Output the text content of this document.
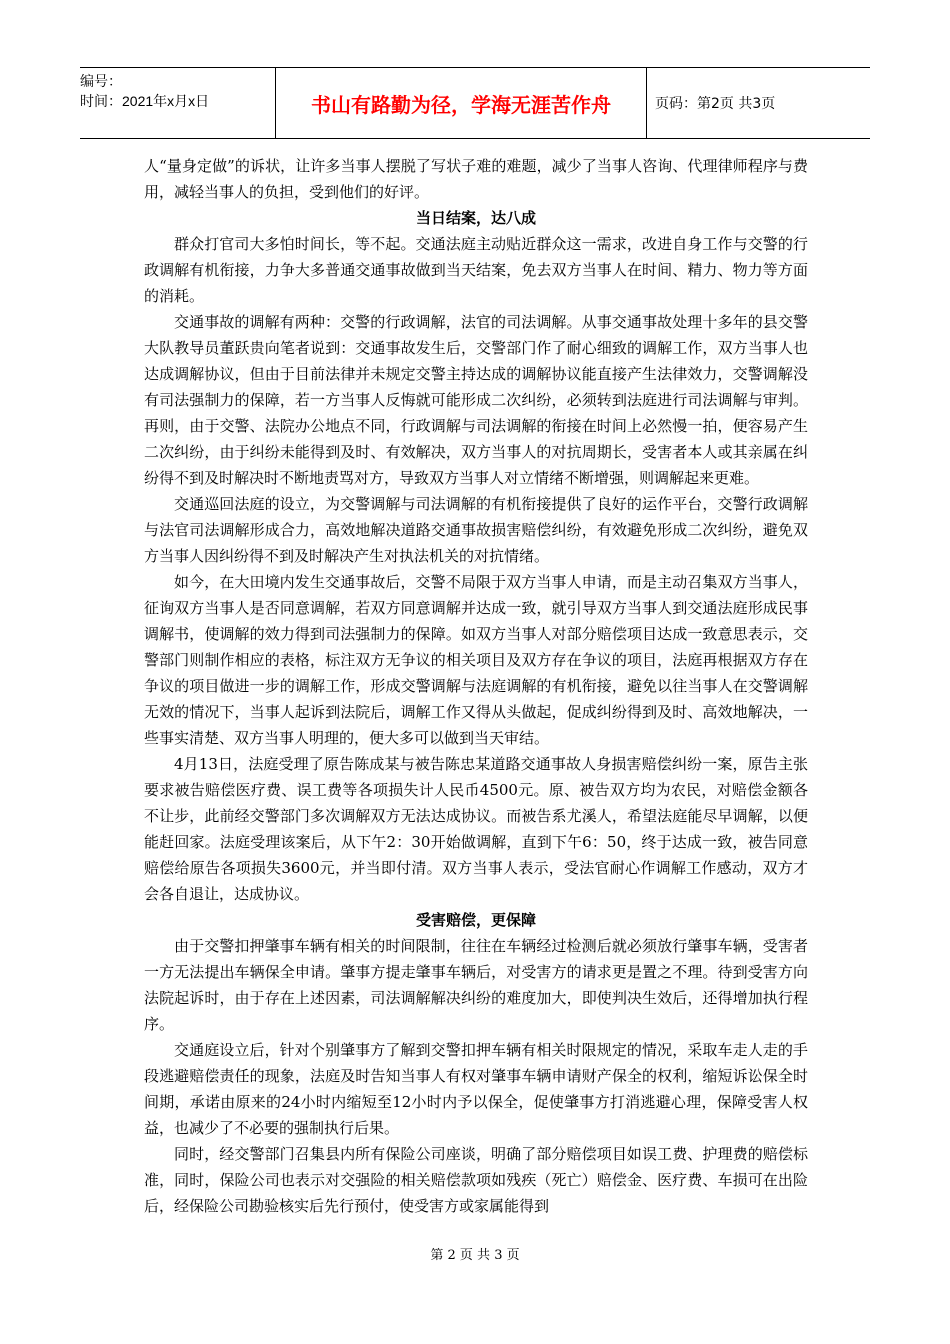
编号：
时间：2021年x月x日	书山有路勤为径，学海无涯苦作舟	页码：第2页 共3页

人“量身定做”的诉状，让许多当事人摆脱了写状子难的难题，减少了当事人咨询、代理律师程序与费用，减轻当事人的负担，受到他们的好评。

当日结案，达八成

群众打官司大多怕时间长，等不起。交通法庭主动贴近群众这一需求，改进自身工作与交警的行政调解有机衔接，力争大多普通交通事故做到当天结案，免去双方当事人在时间、精力、物力等方面的消耗。

交通事故的调解有两种：交警的行政调解，法官的司法调解。从事交通事故处理十多年的县交警大队教导员董跃贵向笔者说到：交通事故发生后，交警部门作了耐心细致的调解工作，双方当事人也达成调解协议，但由于目前法律并未规定交警主持达成的调解协议能直接产生法律效力，交警调解没有司法强制力的保障，若一方当事人反悔就可能形成二次纠纷，必须转到法庭进行司法调解与审判。再则，由于交警、法院办公地点不同，行政调解与司法调解的衔接在时间上必然慢一拍，便容易产生二次纠纷，由于纠纷未能得到及时、有效解决，双方当事人的对抗周期长，受害者本人或其亲属在纠纷得不到及时解决时不断地责骂对方，导致双方当事人对立情绪不断增强，则调解起来更难。

交通巡回法庭的设立，为交警调解与司法调解的有机衔接提供了良好的运作平台，交警行政调解与法官司法调解形成合力，高效地解决道路交通事故损害赔偿纠纷，有效避免形成二次纠纷，避免双方当事人因纠纷得不到及时解决产生对执法机关的对抗情绪。

如今，在大田境内发生交通事故后，交警不局限于双方当事人申请，而是主动召集双方当事人，征询双方当事人是否同意调解，若双方同意调解并达成一致，就引导双方当事人到交通法庭形成民事调解书，使调解的效力得到司法强制力的保障。如双方当事人对部分赔偿项目达成一致意思表示，交警部门则制作相应的表格，标注双方无争议的相关项目及双方存在争议的项目，法庭再根据双方存在争议的项目做进一步的调解工作，形成交警调解与法庭调解的有机衔接，避免以往当事人在交警调解无效的情况下，当事人起诉到法院后，调解工作又得从头做起，促成纠纷得到及时、高效地解决，一些事实清楚、双方当事人明理的，便大多可以做到当天审结。

4月13日，法庭受理了原告陈成某与被告陈忠某道路交通事故人身损害赔偿纠纷一案，原告主张要求被告赔偿医疗费、误工费等各项损失计人民币4500元。原、被告双方均为农民，对赔偿金额各不让步，此前经交警部门多次调解双方无法达成协议。而被告系尤溪人，希望法庭能尽早调解，以便能赶回家。法庭受理该案后，从下午2：30开始做调解，直到下午6：50，终于达成一致，被告同意赔偿给原告各项损失3600元，并当即付清。双方当事人表示，受法官耐心作调解工作感动，双方才会各自退让，达成协议。

受害赔偿，更保障

由于交警扣押肇事车辆有相关的时间限制，往往在车辆经过检测后就必须放行肇事车辆，受害者一方无法提出车辆保全申请。肇事方提走肇事车辆后，对受害方的请求更是置之不理。待到受害方向法院起诉时，由于存在上述因素，司法调解解决纠纷的难度加大，即使判决生效后，还得增加执行程序。

交通庭设立后，针对个别肇事方了解到交警扣押车辆有相关时限规定的情况，采取车走人走的手段逃避赔偿责任的现象，法庭及时告知当事人有权对肇事车辆申请财产保全的权利，缩短诉讼保全时间期，承诺由原来的24小时内缩短至12小时内予以保全，促使肇事方打消逃避心理，保障受害人权益，也减少了不必要的强制执行后果。

同时，经交警部门召集县内所有保险公司座谈，明确了部分赔偿项目如误工费、护理费的赔偿标准，同时，保险公司也表示对交强险的相关赔偿款项如残疾（死亡）赔偿金、医疗费、车损可在出险后，经保险公司勘验核实后先行预付，使受害方或家属能得到

第 2 页 共 3 页
